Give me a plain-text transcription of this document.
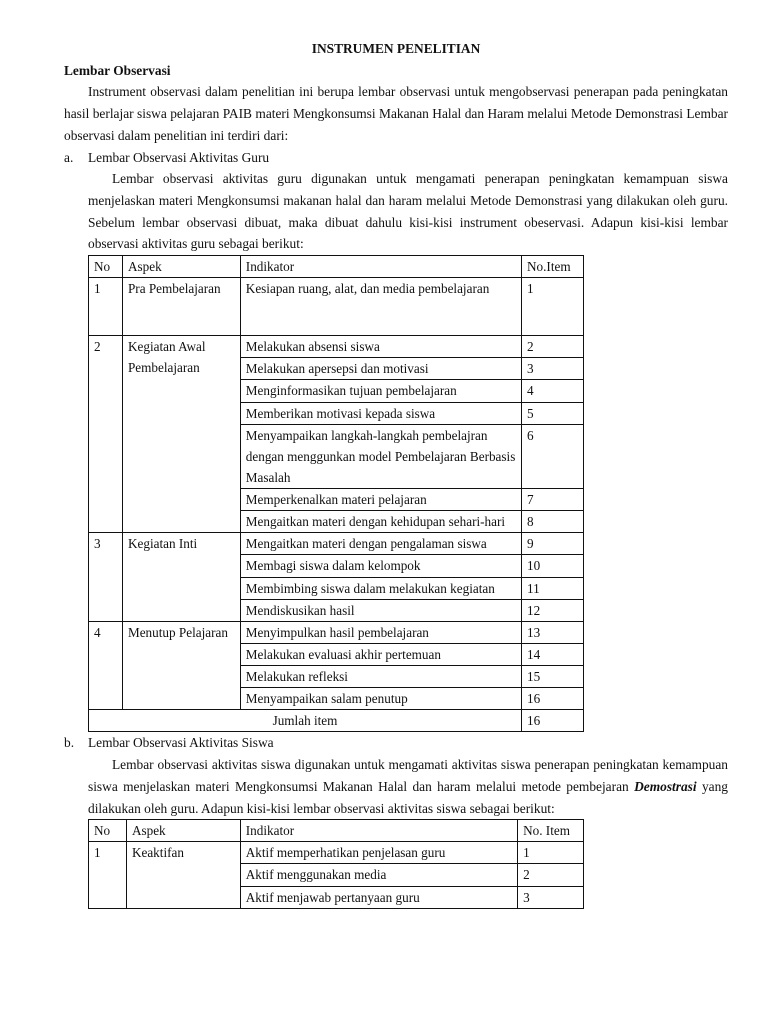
INSTRUMEN PENELITIAN

Lembar Observasi

Instrument observasi dalam penelitian ini berupa lembar observasi untuk mengobservasi penerapan pada peningkatan hasil berlajar siswa pelajaran PAIB materi Mengkonsumsi Makanan Halal dan Haram melalui Metode Demonstrasi Lembar observasi dalam penelitian ini terdiri dari:

a.	Lembar Observasi Aktivitas Guru

Lembar observasi aktivitas guru digunakan untuk mengamati penerapan peningkatan kemampuan siswa menjelaskan materi Mengkonsumsi makanan halal dan haram melalui Metode Demonstrasi yang dilakukan oleh guru. Sebelum lembar observasi dibuat, maka dibuat dahulu kisi-kisi instrument obeservasi. Adapun kisi-kisi lembar observasi aktivitas guru sebagai berikut:

No	Aspek	Indikator	No.Item
1	Pra Pembelajaran	Kesiapan ruang, alat, dan media pembelajaran	1
2	Kegiatan Awal Pembelajaran	Melakukan absensi siswa	2
		Melakukan apersepsi dan motivasi	3
		Menginformasikan tujuan pembelajaran	4
		Memberikan motivasi kepada siswa	5
		Menyampaikan langkah-langkah pembelajran dengan menggunkan model Pembelajaran Berbasis Masalah	6
		Memperkenalkan materi pelajaran	7
		Mengaitkan materi dengan kehidupan sehari-hari	8
3	Kegiatan Inti	Mengaitkan materi dengan pengalaman siswa	9
		Membagi siswa dalam kelompok	10
		Membimbing siswa dalam melakukan kegiatan	11
		Mendiskusikan hasil	12
4	Menutup Pelajaran	Menyimpulkan hasil pembelajaran	13
		Melakukan evaluasi akhir pertemuan	14
		Melakukan refleksi	15
		Menyampaikan salam penutup	16
Jumlah item			16
b.	Lembar Observasi Aktivitas Siswa

Lembar observasi aktivitas siswa digunakan untuk mengamati aktivitas siswa penerapan peningkatan kemampuan siswa menjelaskan materi Mengkonsumsi Makanan Halal dan haram melalui metode pembejaran Demostrasi yang dilakukan oleh guru. Adapun kisi-kisi lembar observasi aktivitas siswa sebagai berikut:

No	Aspek	Indikator	No. Item
1	Keaktifan	Aktif memperhatikan penjelasan guru	1
		Aktif menggunakan media	2
		Aktif menjawab pertanyaan guru	3
